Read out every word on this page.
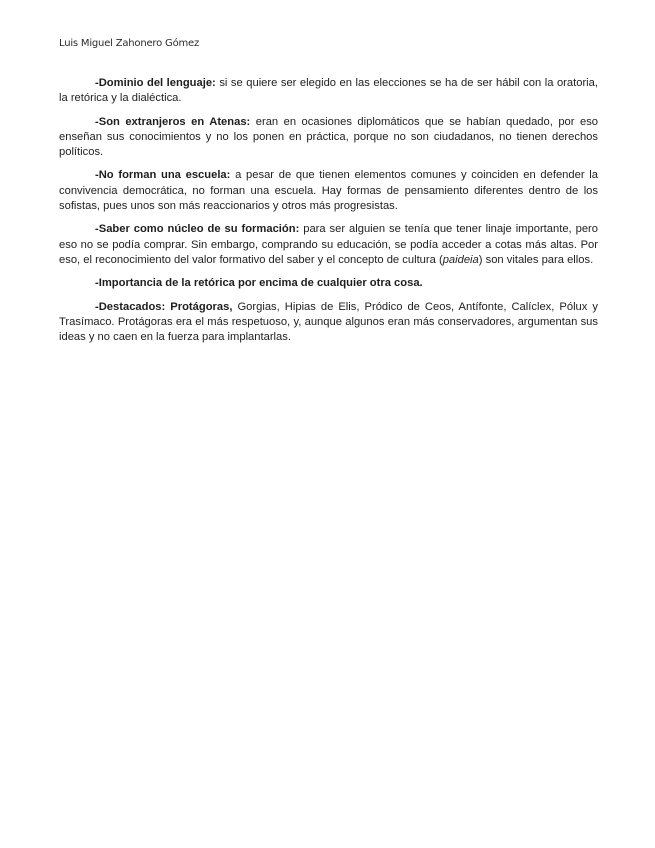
Luis Miguel Zahonero Gómez

-Dominio del lenguaje: si se quiere ser elegido en las elecciones se ha de ser hábil con la oratoria, la retórica y la dialéctica.

-Son extranjeros en Atenas: eran en ocasiones diplomáticos que se habían quedado, por eso enseñan sus conocimientos y no los ponen en práctica, porque no son ciudadanos, no tienen derechos políticos.

-No forman una escuela: a pesar de que tienen elementos comunes y coinciden en defender la convivencia democrática, no forman una escuela. Hay formas de pensamiento diferentes dentro de los sofistas, pues unos son más reaccionarios y otros más progresistas.

-Saber como núcleo de su formación: para ser alguien se tenía que tener linaje importante, pero eso no se podía comprar. Sin embargo, comprando su educación, se podía acceder a cotas más altas. Por eso, el reconocimiento del valor formativo del saber y el concepto de cultura (paideia) son vitales para ellos.

-Importancia de la retórica por encima de cualquier otra cosa.

-Destacados: Protágoras, Gorgias, Hipias de Elis, Pródico de Ceos, Antífonte, Calíclex, Pólux y Trasímaco. Protágoras era el más respetuoso, y, aunque algunos eran más conservadores, argumentan sus ideas y no caen en la fuerza para implantarlas.
